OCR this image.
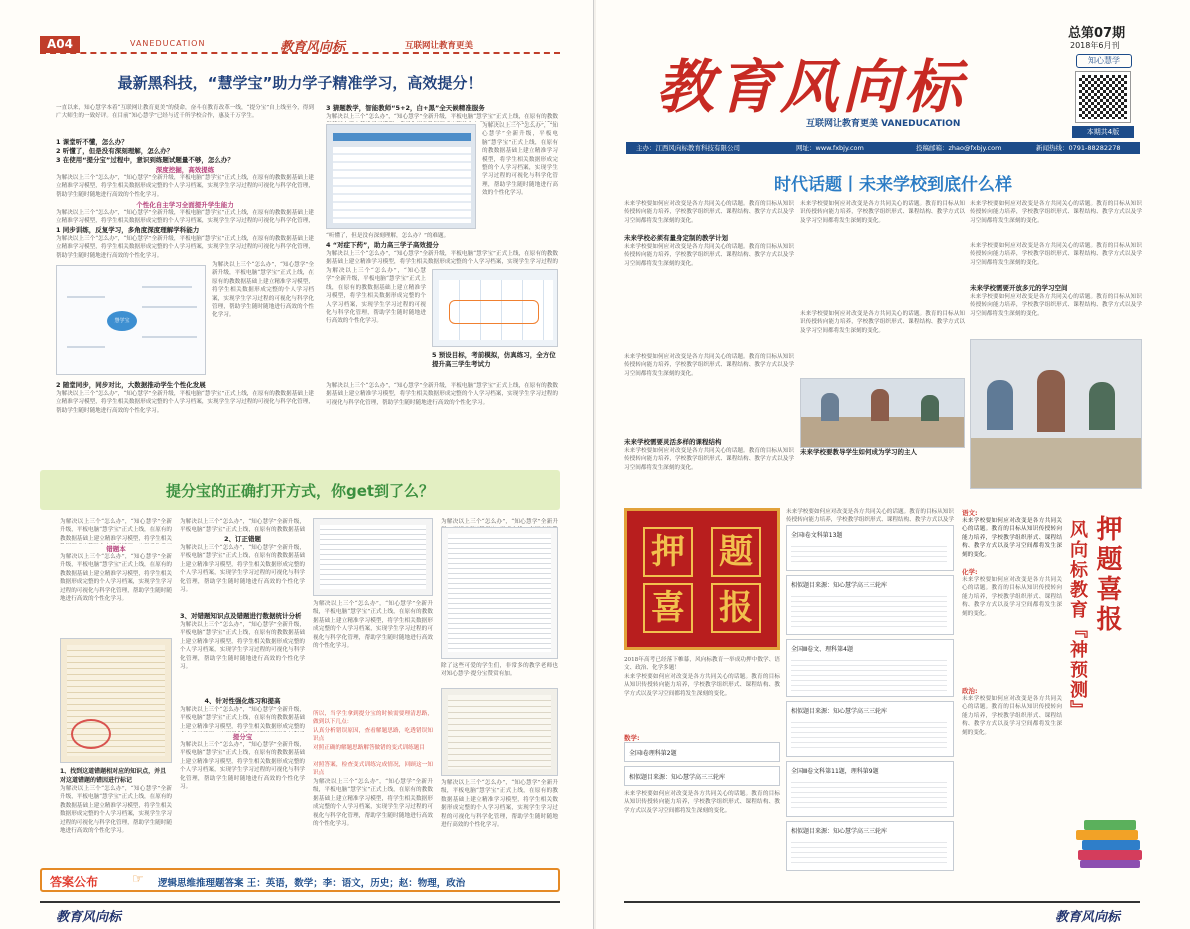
A04	VANEDUCATION	教育风向标	互联网让教育更美
最新黑科技，“慧学宝”助力学子精准学习，高效提分！

一直以来，知心慧学本着“互联网让教育更美”的使命，奋斗在教育改革一线，“提分宝”自上线至今，得到广大师生的一致好评。在目前“知心慧学”已经与近千所学校合作，惠及千万学生。

1 课堂听不懂，怎么办？

2 听懂了，但是没有深刻理解，怎么办？

3 在使用“提分宝”过程中，意识到练题试题量不够，怎么办？

深度挖掘，高效提练

为解决以上三个“怎么办”，“知心慧学”全新升级，平板电脑“慧学宝”正式上线，在原有的教数据基础上建立精准学习模型，将学生相关数据形成完整的个人学习档案，实现学生学习过程的可视化与科学化管理，帮助学生随时随地进行高效的个性化学习。

个性化自主学习全面提升学生能力

为解决以上三个“怎么办”，“知心慧学”全新升级，平板电脑“慧学宝”正式上线，在原有的教数据基础上建立精准学习模型，将学生相关数据形成完整的个人学习档案，实现学生学习过程的可视化与科学化管理，

1 同步训练，反复学习，多角度深度理解学科能力

为解决以上三个“怎么办”，“知心慧学”全新升级，平板电脑“慧学宝”正式上线，在原有的教数据基础上建立精准学习模型，将学生相关数据形成完整的个人学习档案，实现学生学习过程的可视化与科学化管理，帮助学生随时随地进行高效的个性化学习。

慧学宝

为解决以上三个“怎么办”，“知心慧学”全新升级，平板电脑“慧学宝”正式上线，在原有的教数据基础上建立精准学习模型，将学生相关数据形成完整的个人学习档案，实现学生学习过程的可视化与科学化管理，帮助学生随时随地进行高效的个性化学习。

2 随堂同步，同步对比，大数据推动学生个性化发展

为解决以上三个“怎么办”，“知心慧学”全新升级，平板电脑“慧学宝”正式上线，在原有的教数据基础上建立精准学习模型，将学生相关数据形成完整的个人学习档案，实现学生学习过程的可视化与科学化管理，帮助学生随时随地进行高效的个性化学习。

3 猜题教学，智能教师“5+2，白+黑”全天候精准服务

为解决以上三个“怎么办”，“知心慧学”全新升级，平板电脑“慧学宝”正式上线，在原有的教数

为解决以上三个“怎么办”，“知心慧学”全新升级，平板电脑“慧学宝”正式上线，在原有的教数据基础上建立精准学习模型，将学生相关数据形成完整的个人学习档案，实现学生学习过程的可视化与科学化管理，帮助学生随时随地进行高效的个性化学习。

“听懂了，但是没有深刻理解，怎么办？”的难题。

4 “对症下药”，助力高三学子高效提分

为解决以上三个“怎么办”，“知心慧学”全新升级，平板电脑“慧学宝”正式上线，在原有的教数据基础上建立精准学习模型，将学生相关数据形成完整的个人学习档案，实现学生学习过程的

为解决以上三个“怎么办”，“知心慧学”全新升级，平板电脑“慧学宝”正式上线，在原有的教数据基础上建立精准学习模型，将学生相关数据形成完整的个人学习档案，实现学生学习过程的可视化与科学化管理，帮助学生随时随地进行高效的个性化学习。

5 预设目标，考前模拟，仿真练习，全方位提升高三学生考试力

为解决以上三个“怎么办”，“知心慧学”全新升级，平板电脑“慧学宝”正式上线，在原有的教数据基础上建立精准学习模型，将学生相关数据形成完整的个人学习档案，实现学生学习过程的可视化与科学化管理，帮助学生随时随地进行高效的个性化学习。

提分宝的正确打开方式，你get到了么？

为解决以上三个“怎么办”，“知心慧学”全新升级，平板电脑“慧学宝”正式上线，在原有的教数据基础上建立精准学习模型，将学生相关

错题本

为解决以上三个“怎么办”，“知心慧学”全新升级，平板电脑“慧学宝”正式上线，在原有的教数据基础上建立精准学习模型，将学生相关数据形成完整的个人学习档案，实现学生学习过程的可视化与科学化管理，帮助学生随时随地进行高效的个性化学习。

1、找到这道错题相对应的知识点，并且对这道错题的错因进行标记

为解决以上三个“怎么办”，“知心慧学”全新升级，平板电脑“慧学宝”正式上线，在原有的教数据基础上建立精准学习模型，将学生相关数据形成完整的个人学习档案，实现学生学习过程的可视化与科学化管理，帮助学生随时随地进行高效的个性化学习。

为解决以上三个“怎么办”，“知心慧学”全新升级，平板电脑“慧学宝”正式上线，在原有的教数据基础

2、订正错题

为解决以上三个“怎么办”，“知心慧学”全新升级，平板电脑“慧学宝”正式上线，在原有的教数据基础上建立精准学习模型，将学生相关数据形成完整的个人学习档案，实现学生学习过程的可视化与科学化管理，帮助学生随时随地进行高效的个性化学习。

3、对错题知识点及错题进行数据统计分析

为解决以上三个“怎么办”，“知心慧学”全新升级，平板电脑“慧学宝”正式上线，在原有的教数据基础上建立精准学习模型，将学生相关数据形成完整的个人学习档案，实现学生学习过程的可视化与科学化管理，帮助学生随时随地进行高效的个性化学习。

4、针对性强化练习和提高

为解决以上三个“怎么办”，“知心慧学”全新升级，平板电脑“慧学宝”正式上线，在原有的教数据基础上建立精准学习模型，将学生相关数据形成完整的

提分宝

为解决以上三个“怎么办”，“知心慧学”全新升级，平板电脑“慧学宝”正式上线，在原有的教数据基础上建立精准学习模型，将学生相关数据形成完整的个人学习档案，实现学生学习过程的可视化与科学化管理，帮助学生随时随地进行高效的个性化学习。

为解决以上三个“怎么办”，“知心慧学”全新升级，平板电脑“慧学宝”正式上线，在原有的教数据基础上建立精准学习模型，将学生相关数据形成完整的个人学习档案，实现学生学习过程的可视化与科学化管理，帮助学生随时随地进行高效的个性化学习。

所以，当学生拿到提分宝的时候需要理清思路，做到以下几点：

认真分析错误原因，查看解题思路，吃透错误知识点

对照正确的解题思路解答做错的变式训练题目

对照答案，检查变式训练完成情况，回顾这一知识点

为解决以上三个“怎么办”，“知心慧学”全新升级，平板电脑“慧学宝”正式上线，在原有的教数据基础上建立精准学习模型，将学生相关数据形成完整的个人学习档案，实现学生学习过程的可视化与科学化管理，帮助学生随时随地进行高效的个性化学习。

为解决以上三个“怎么办”，“知心慧学”全新升

除了这些可爱的学生们，非常多的教学老师也对知心慧学·提分宝赞赏有加。

为解决以上三个“怎么办”，“知心慧学”全新升级，平板电脑“慧学宝”正式上线，在原有的教数据基础上建立精准学习模型，将学生相关数据形成完整的个人学习档案，实现学生学习过程的可视化与科学化管理，帮助学生随时随地进行高效的个性化学习。

答案公布	☞ 逻辑思维推理题答案 王：英语，数学；李：语文，历史；赵：物理，政治
教育风向标
教育风向标
互联网让教育更美 VANEDUCATION
总第07期
2018年6月刊
知心慧学
本期共4版
主办：江西风向标教育科技有限公司	网址：www.fxbjy.com	投稿邮箱：zhao@fxbjy.com	新闻热线：0791-88282278
时代话题丨未来学校到底什么样

未来学校要如何应对改变是各方共同关心的话题。教育的目标从知识传授转向能力培养，学校教学组织形式、课程结构、教学方式以及学习空间都将发生深刻的变化。

未来学校必须有量身定制的教学计划

未来学校要如何应对改变是各方共同关心的话题。教育的目标从知识传授转向能力培养，学校教学组织形式、课程结构、教学方式以及学习空间都将发生深刻的变化。

未来学校要如何应对改变是各方共同关心的话题。教育的目标从知识传授转向能力培养，学校教学组织形式、课程结构、教学方式以及学习空间都将发生深刻的变化。

未来学校需要灵活多样的课程结构

未来学校要如何应对改变是各方共同关心的话题。教育的目标从知识传授转向能力培养，学校教学组织形式、课程结构、教学方式以及学习空间都将发生深刻的变化。

未来学校要如何应对改变是各方共同关心的话题。教育的目标从知识传授转向能力培养，学校教学组织形式、课程结构、教学方式以及学习空间都将发生深刻的变化。

未来学校要如何应对改变是各方共同关心的话题。教育的目标从知识传授转向能力培养，学校教学组织形式、课程结构、教学方式以及学习空间都将发生深刻的变化。

未来学校要教导学生如何成为学习的主人

未来学校要如何应对改变是各方共同关心的话题。教育的目标从知识传授转向能力培养，学校教学组织形式、课程结构、教学方式以及学习空间都将发生深刻的变化。

未来学校要如何应对改变是各方共同关心的话题。教育的目标从知识传授转向能力培养，学校教学组织形式、课程结构、教学方式以及学习空间都将发生深刻的变化。

未来学校需要开放多元的学习空间

未来学校要如何应对改变是各方共同关心的话题。教育的目标从知识传授转向能力培养，学校教学组织形式、课程结构、教学方式以及学习空间都将发生深刻的变化。

押 题
喜 报

2018年高考已经落下帷幕，风向标教育一举成功押中数学、语文、政治、化学多题！

未来学校要如何应对改变是各方共同关心的话题。教育的目标从知识传授转向能力培养，学校教学组织形式、课程结构、教学方式以及学习空间都将发生深刻的变化。

数学:

全国Ⅰ卷理科第2题
相似题目来源：知心慧学高三三轮库

未来学校要如何应对改变是各方共同关心的话题。教育的目标从知识传授转向能力培养，学校教学组织形式、课程结构、教学方式以及学习空间都将发生深刻的变化。

未来学校要如何应对改变是各方共同关心的话题。教育的目标从知识传授转向能力培养，学校教学组织形式、课程结构、教学方式以及学

全国Ⅰ卷文科第13题
相似题目来源：知心慧学高三三轮库
全国Ⅲ卷文、理科第4题
相似题目来源：知心慧学高三三轮库
全国Ⅲ卷文科第11题，理科第9题
相似题目来源：知心慧学高三三轮库

语文:

未来学校要如何应对改变是各方共同关心的话题。教育的目标从知识传授转向能力培养，学校教学组织形式、课程结构、教学方式以及学习空间都将发生深刻的变化。

化学:

未来学校要如何应对改变是各方共同关心的话题。教育的目标从知识传授转向能力培养，学校教学组织形式、课程结构、教学方式以及学习空间都将发生深刻的变化。

政治:

未来学校要如何应对改变是各方共同关心的话题。教育的目标从知识传授转向能力培养，学校教学组织形式、课程结构、教学方式以及学习空间都将发生深刻的变化。

押题喜报
风向标教育『神预测』
教育风向标
